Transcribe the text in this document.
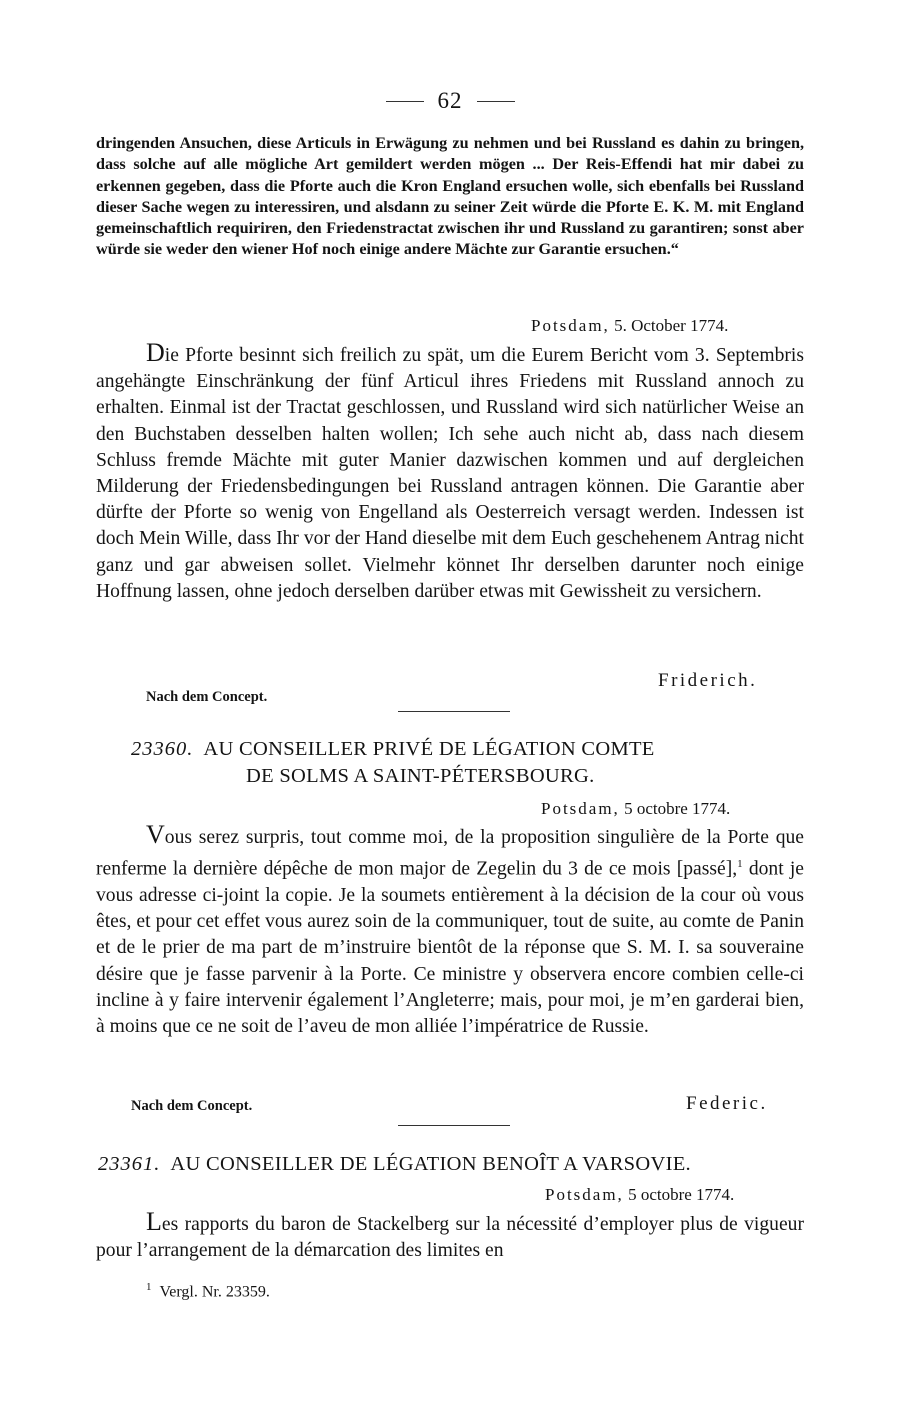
62

dringenden Ansuchen, diese Articuls in Erwägung zu nehmen und bei Russland es dahin zu bringen, dass solche auf alle mögliche Art gemildert werden mögen ... Der Reis-Effendi hat mir dabei zu erkennen gegeben, dass die Pforte auch die Kron England ersuchen wolle, sich ebenfalls bei Russland dieser Sache wegen zu interessiren, und alsdann zu seiner Zeit würde die Pforte E. K. M. mit England gemeinschaftlich requiriren, den Friedenstractat zwischen ihr und Russland zu garantiren; sonst aber würde sie weder den wiener Hof noch einige andere Mächte zur Garantie ersuchen.“

Potsdam, 5. October 1774.

Die Pforte besinnt sich freilich zu spät, um die Eurem Bericht vom 3. Septembris angehängte Einschränkung der fünf Articul ihres Friedens mit Russland annoch zu erhalten. Einmal ist der Tractat geschlossen, und Russland wird sich natürlicher Weise an den Buchstaben desselben halten wollen; Ich sehe auch nicht ab, dass nach diesem Schluss fremde Mächte mit guter Manier dazwischen kommen und auf dergleichen Milderung der Friedensbedingungen bei Russland antragen können. Die Garantie aber dürfte der Pforte so wenig von Engelland als Oesterreich versagt werden. Indessen ist doch Mein Wille, dass Ihr vor der Hand dieselbe mit dem Euch geschehenem Antrag nicht ganz und gar abweisen sollet. Vielmehr könnet Ihr derselben darunter noch einige Hoffnung lassen, ohne jedoch derselben darüber etwas mit Gewissheit zu versichern.

Friderich.
Nach dem Concept.
23360. AU CONSEILLER PRIVÉ DE LÉGATION COMTE
DE SOLMS A SAINT-PÉTERSBOURG.
Potsdam, 5 octobre 1774.

Vous serez surpris, tout comme moi, de la proposition singulière de la Porte que renferme la dernière dépêche de mon major de Zegelin du 3 de ce mois [passé],$^1$ dont je vous adresse ci-joint la copie. Je la soumets entièrement à la décision de la cour où vous êtes, et pour cet effet vous aurez soin de la communiquer, tout de suite, au comte de Panin et de le prier de ma part de m’instruire bientôt de la réponse que S. M. I. sa souveraine désire que je fasse parvenir à la Porte. Ce ministre y observera encore combien celle-ci incline à y faire intervenir également l’Angleterre; mais, pour moi, je m’en garderai bien, à moins que ce ne soit de l’aveu de mon alliée l’impératrice de Russie.

Nach dem Concept.	Federic.
23361. AU CONSEILLER DE LÉGATION BENOÎT A VARSOVIE.
Potsdam, 5 octobre 1774.

Les rapports du baron de Stackelberg sur la nécessité d’employer plus de vigueur pour l’arrangement de la démarcation des limites en

$^1$ Vergl. Nr. 23359.
